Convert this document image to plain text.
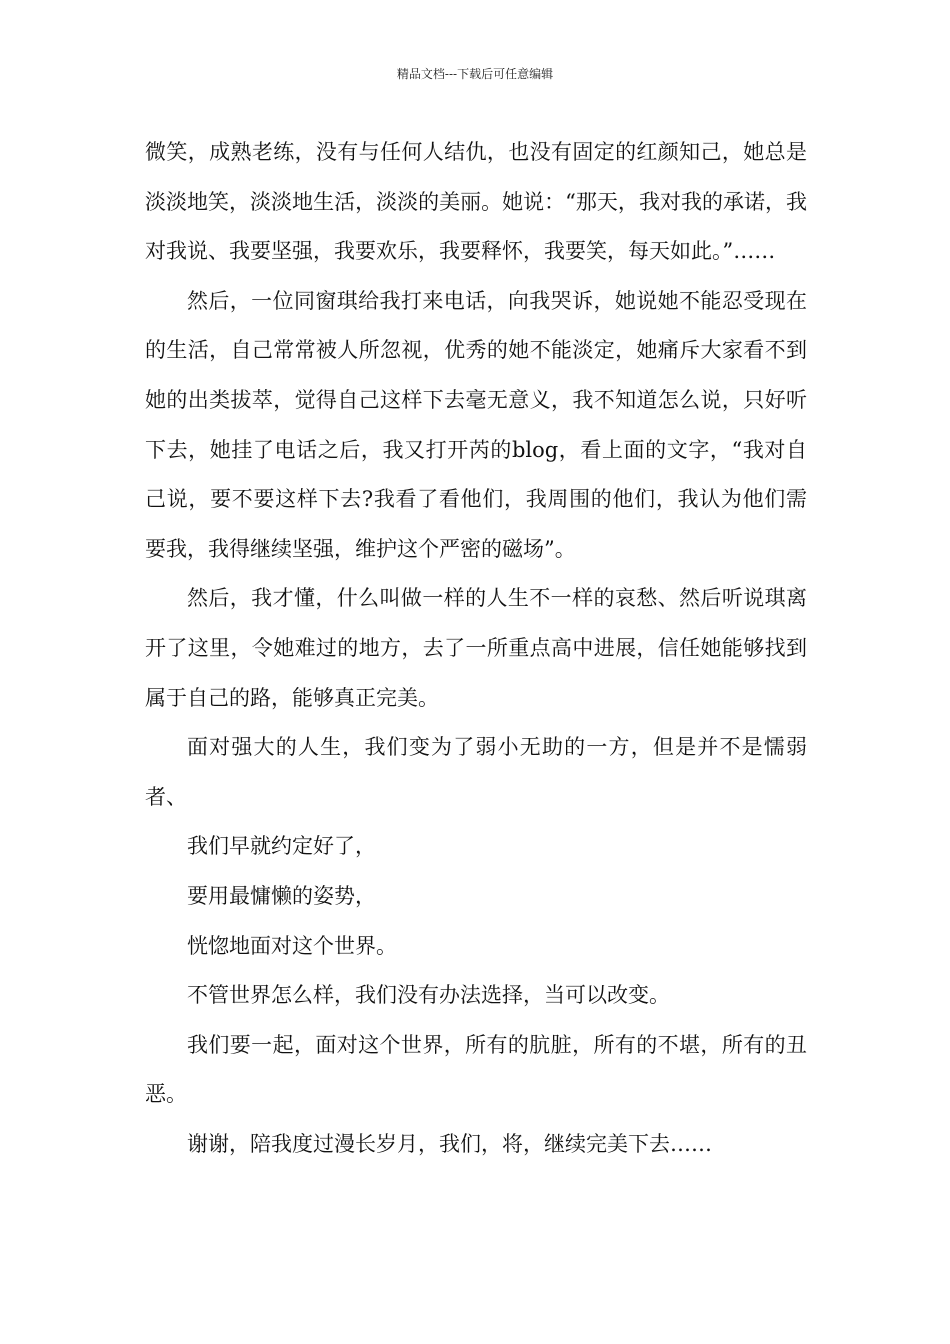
精品文档---下载后可任意编辑

微笑，成熟老练，没有与任何人结仇，也没有固定的红颜知己，她总是淡淡地笑，淡淡地生活，淡淡的美丽。她说：“那天，我对我的承诺，我对我说、我要坚强，我要欢乐，我要释怀，我要笑，每天如此。”……

然后，一位同窗琪给我打来电话，向我哭诉，她说她不能忍受现在的生活，自己常常被人所忽视，优秀的她不能淡定，她痛斥大家看不到她的出类拔萃，觉得自己这样下去毫无意义，我不知道怎么说，只好听下去，她挂了电话之后，我又打开芮的blog，看上面的文字，“我对自己说，要不要这样下去?我看了看他们，我周围的他们，我认为他们需要我，我得继续坚强，维护这个严密的磁场”。

然后，我才懂，什么叫做一样的人生不一样的哀愁、然后听说琪离开了这里，令她难过的地方，去了一所重点高中进展，信任她能够找到属于自己的路，能够真正完美。

面对强大的人生，我们变为了弱小无助的一方，但是并不是懦弱者、

我们早就约定好了，

要用最慵懒的姿势，

恍惚地面对这个世界。

不管世界怎么样，我们没有办法选择，当可以改变。

我们要一起，面对这个世界，所有的肮脏，所有的不堪，所有的丑恶。

谢谢，陪我度过漫长岁月，我们，将，继续完美下去……
